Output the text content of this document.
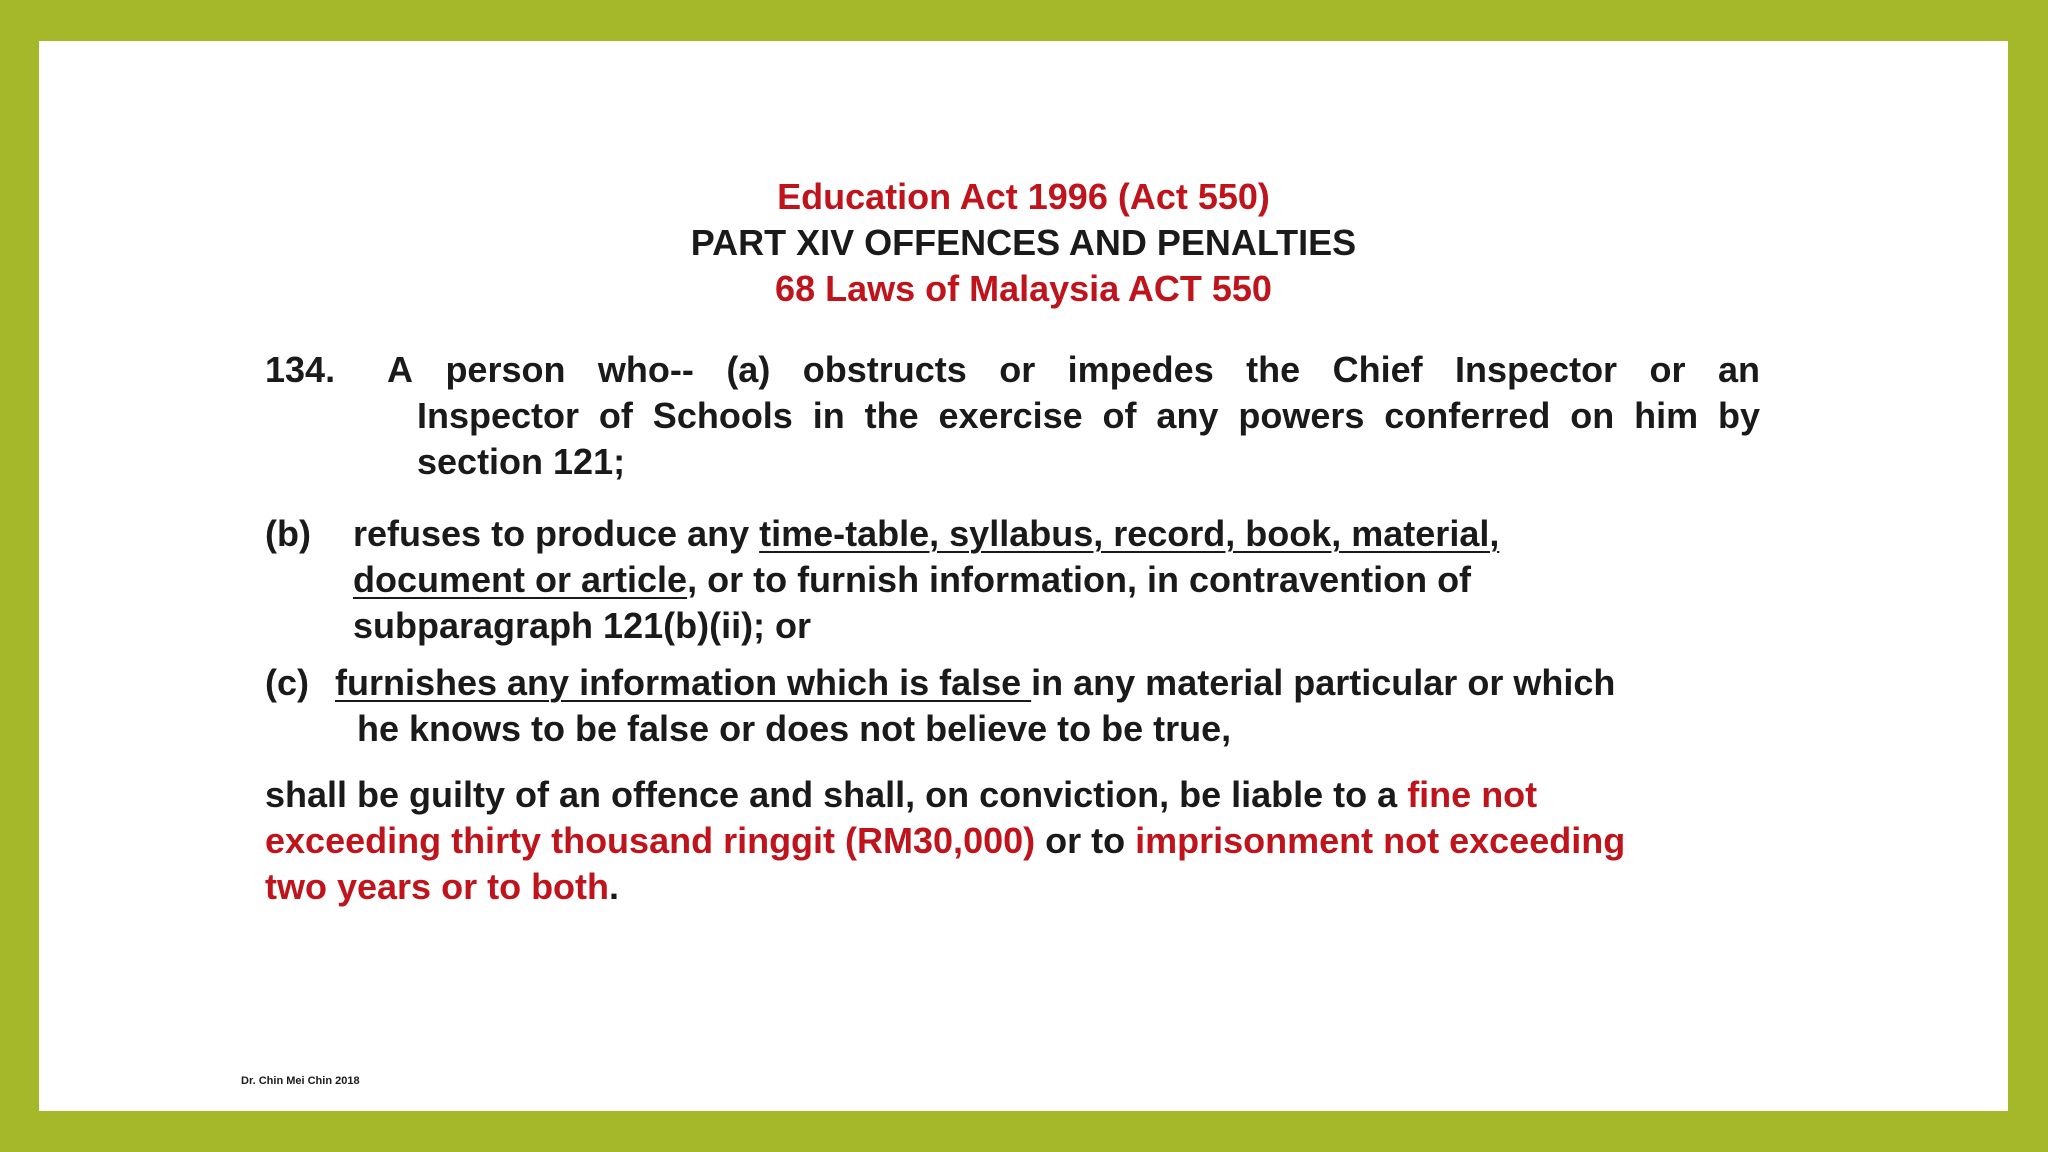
Education Act 1996 (Act 550)
PART XIV OFFENCES AND PENALTIES
68 Laws of Malaysia ACT 550
134. A person who-- (a) obstructs or impedes the Chief Inspector or an
Inspector of Schools in the exercise of any powers conferred on him by
section 121;
(b) refuses to produce any time-table, syllabus, record, book, material,
document or article, or to furnish information, in contravention of
subparagraph 121(b)(ii); or
(c) furnishes any information which is false in any material particular or which
he knows to be false or does not believe to be true,
shall be guilty of an offence and shall, on conviction, be liable to a fine not
exceeding thirty thousand ringgit (RM30,000) or to imprisonment not exceeding
two years or to both.
Dr. Chin Mei Chin 2018
